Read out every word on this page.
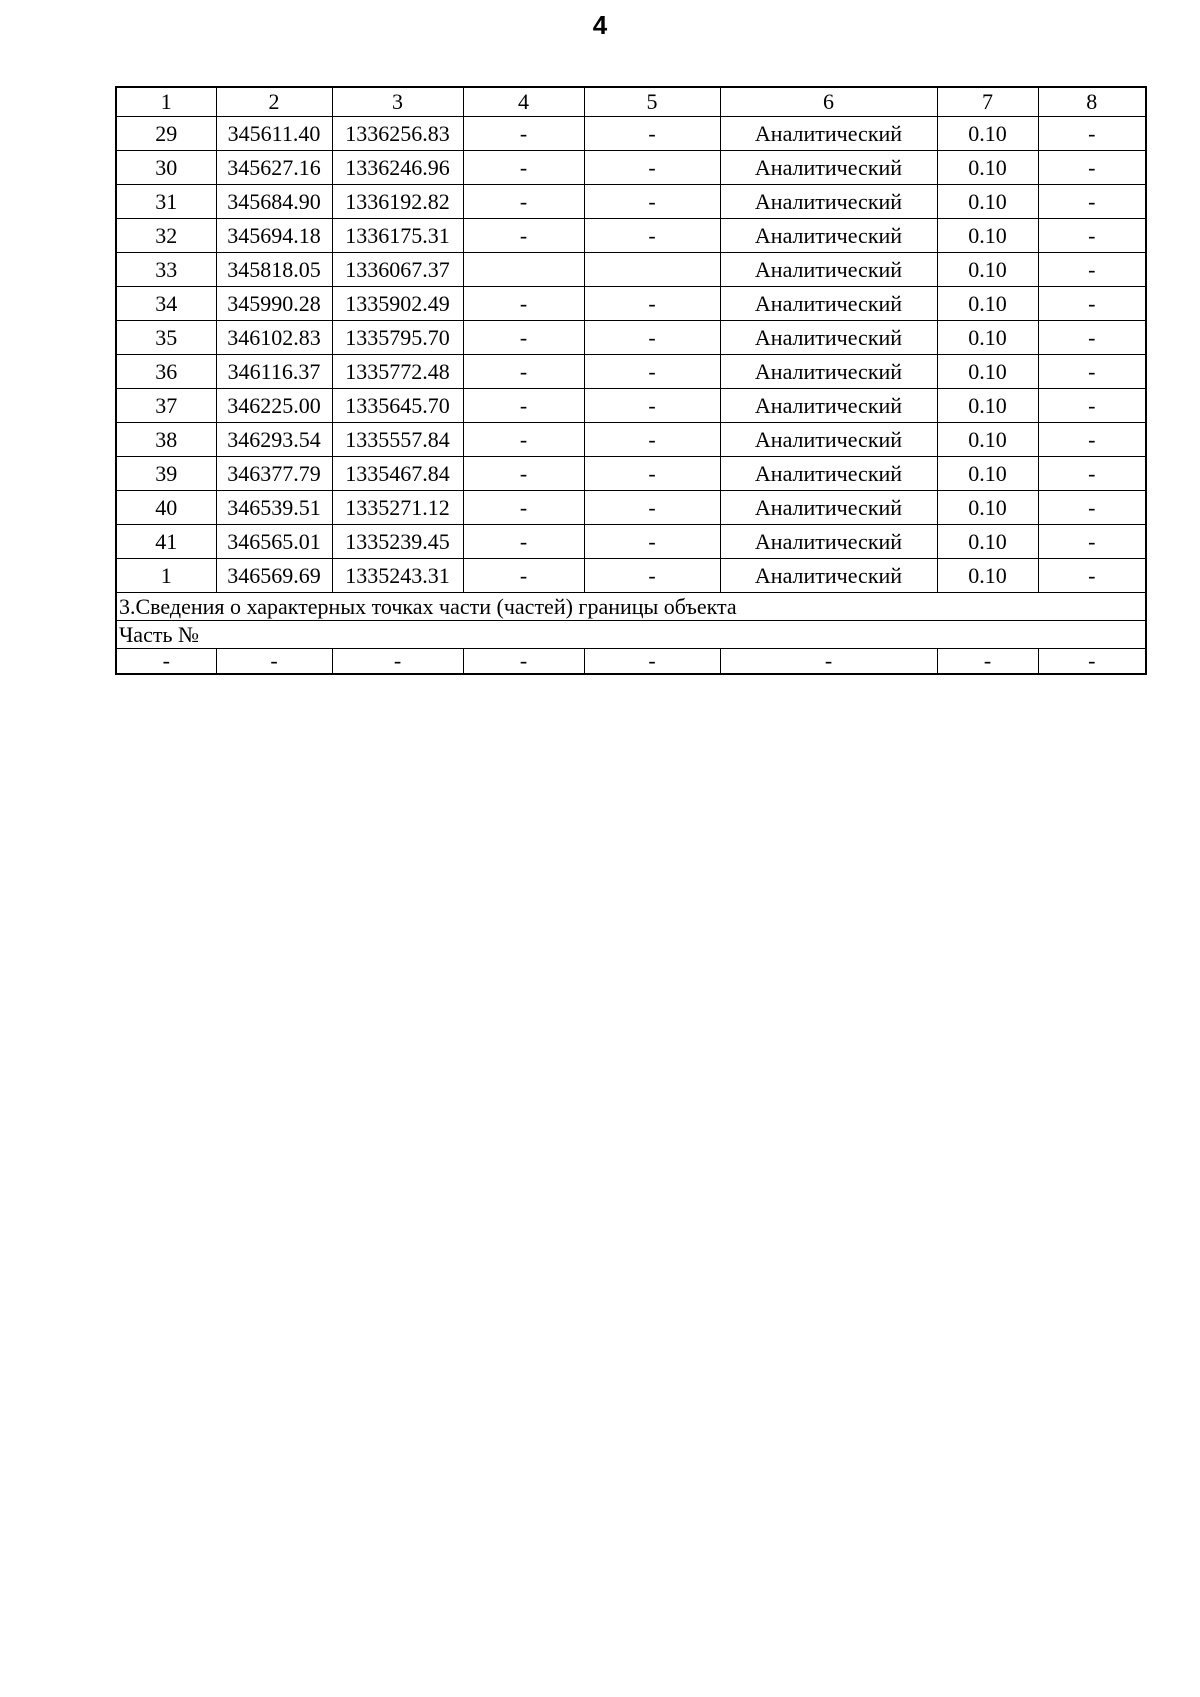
4
1	2	3	4	5	6	7	8
29	345611.40	1336256.83	-	-	Аналитический	0.10	-
30	345627.16	1336246.96	-	-	Аналитический	0.10	-
31	345684.90	1336192.82	-	-	Аналитический	0.10	-
32	345694.18	1336175.31	-	-	Аналитический	0.10	-
33	345818.05	1336067.37			Аналитический	0.10	-
34	345990.28	1335902.49	-	-	Аналитический	0.10	-
35	346102.83	1335795.70	-	-	Аналитический	0.10	-
36	346116.37	1335772.48	-	-	Аналитический	0.10	-
37	346225.00	1335645.70	-	-	Аналитический	0.10	-
38	346293.54	1335557.84	-	-	Аналитический	0.10	-
39	346377.79	1335467.84	-	-	Аналитический	0.10	-
40	346539.51	1335271.12	-	-	Аналитический	0.10	-
41	346565.01	1335239.45	-	-	Аналитический	0.10	-
1	346569.69	1335243.31	-	-	Аналитический	0.10	-
3.Сведения о характерных точках части (частей) границы объекта							
Часть №							
-	-	-	-	-	-	-	-
